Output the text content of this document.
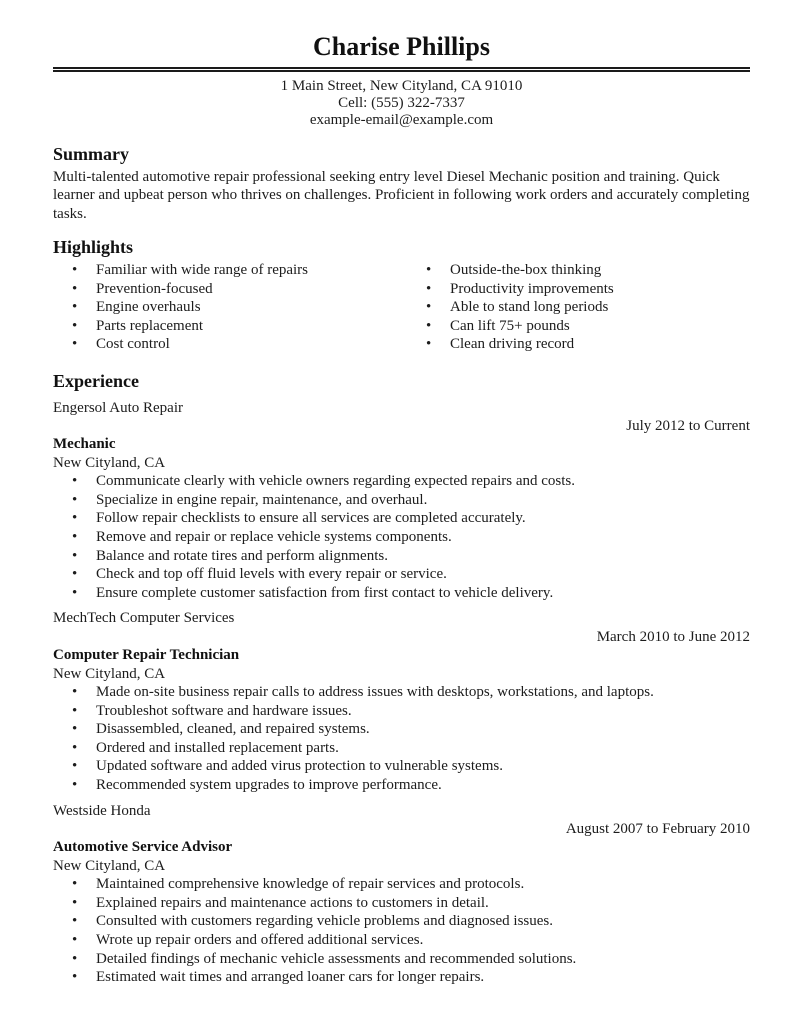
Charise Phillips
1 Main Street, New Cityland, CA 91010
Cell: (555) 322-7337
example-email@example.com
Summary

Multi-talented automotive repair professional seeking entry level Diesel Mechanic position and training. Quick learner and upbeat person who thrives on challenges. Proficient in following work orders and accurately completing tasks.

Highlights
• Familiar with wide range of repairs
• Prevention-focused
• Engine overhauls
• Parts replacement
• Cost control
• Outside-the-box thinking
• Productivity improvements
• Able to stand long periods
• Can lift 75+ pounds
• Clean driving record
Experience
Engersol Auto Repair
July 2012 to Current
Mechanic
New Cityland, CA
• Communicate clearly with vehicle owners regarding expected repairs and costs.
• Specialize in engine repair, maintenance, and overhaul.
• Follow repair checklists to ensure all services are completed accurately.
• Remove and repair or replace vehicle systems components.
• Balance and rotate tires and perform alignments.
• Check and top off fluid levels with every repair or service.
• Ensure complete customer satisfaction from first contact to vehicle delivery.
MechTech Computer Services
March 2010 to June 2012
Computer Repair Technician
New Cityland, CA
• Made on-site business repair calls to address issues with desktops, workstations, and laptops.
• Troubleshot software and hardware issues.
• Disassembled, cleaned, and repaired systems.
• Ordered and installed replacement parts.
• Updated software and added virus protection to vulnerable systems.
• Recommended system upgrades to improve performance.
Westside Honda
August 2007 to February 2010
Automotive Service Advisor
New Cityland, CA
• Maintained comprehensive knowledge of repair services and protocols.
• Explained repairs and maintenance actions to customers in detail.
• Consulted with customers regarding vehicle problems and diagnosed issues.
• Wrote up repair orders and offered additional services.
• Detailed findings of mechanic vehicle assessments and recommended solutions.
• Estimated wait times and arranged loaner cars for longer repairs.
